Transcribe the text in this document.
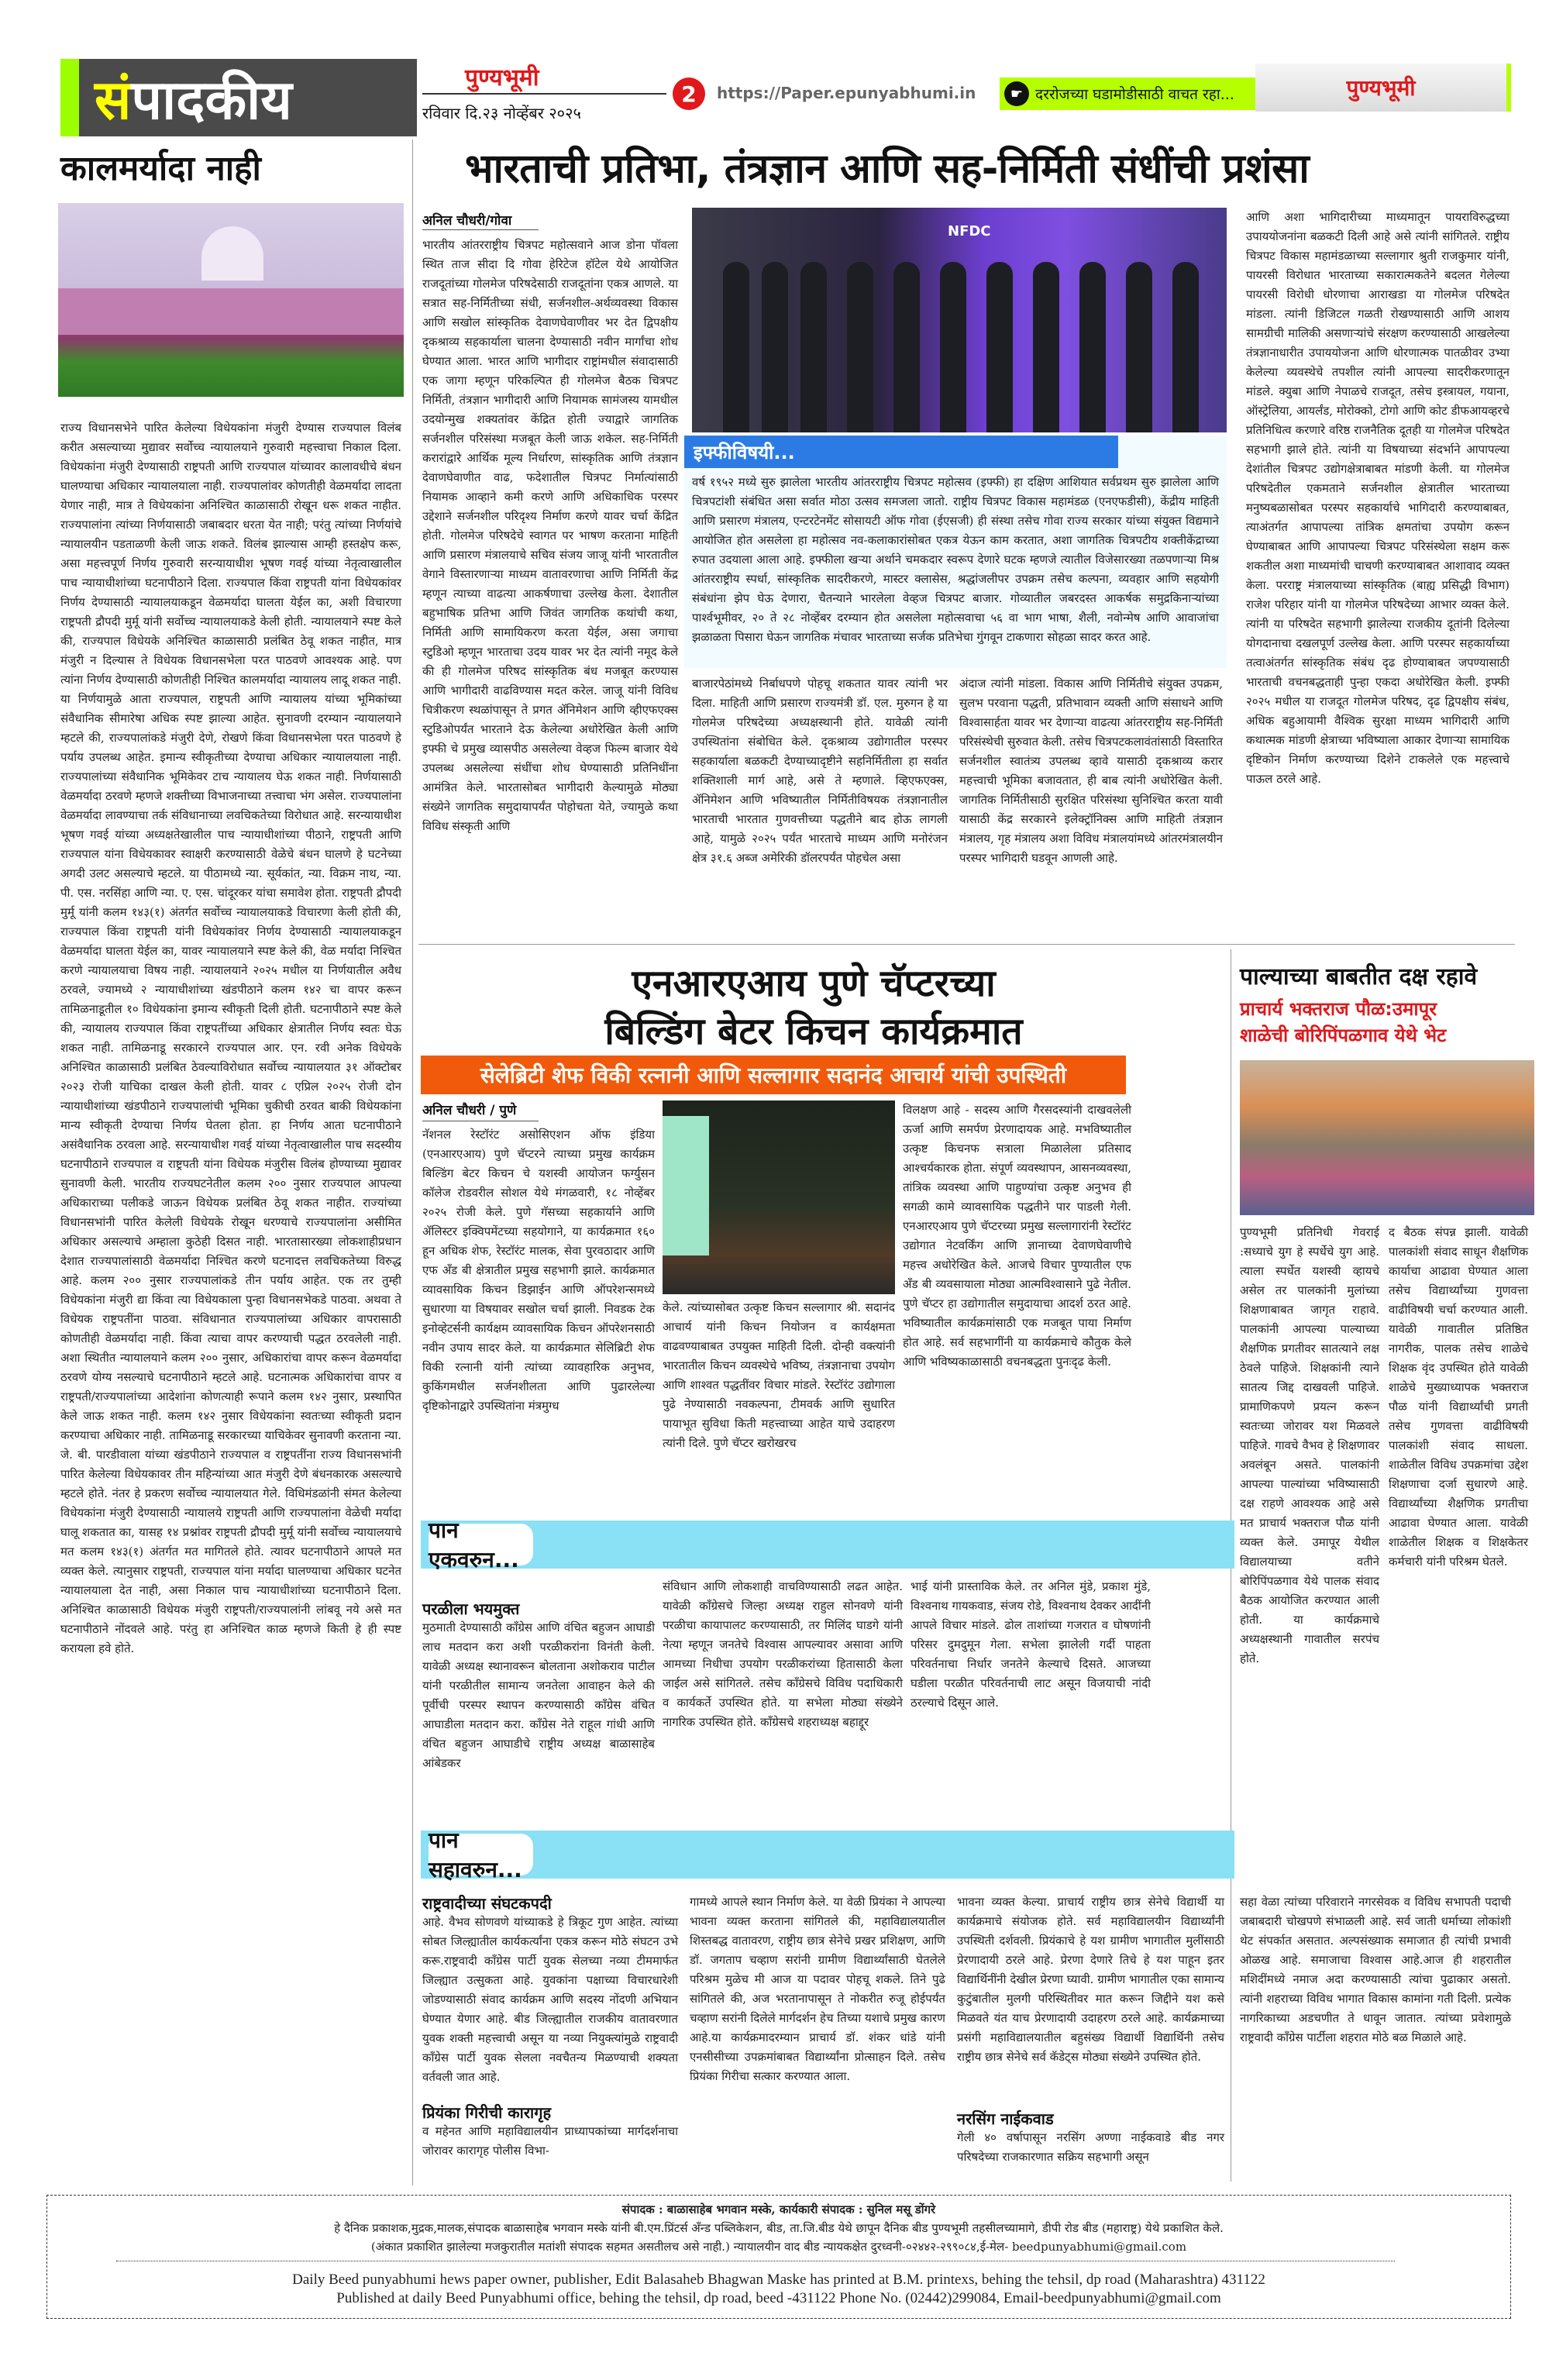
सं पादकीय	पुण्यभूमी
रविवार दि.२३ नोव्हेंबर २०२५
2	https://Paper.epunyabhumi.in	☛ दररोजच्या घडामोडीसाठी वाचत रहा...	पुण्यभूमी
कालमर्यादा नाही	भारताची प्रतिभा, तंत्रज्ञान आणि सह-निर्मिती संधींची प्रशंसा
राज्य विधानसभेने पारित केलेल्या विधेयकांना मंजुरी देण्यास राज्यपाल विलंब करीत असल्याच्या मुद्यावर सर्वोच्च न्यायालयाने गुरुवारी महत्त्वाचा निकाल दिला. विधेयकांना मंजुरी देण्यासाठी राष्ट्रपती आणि राज्यपाल यांच्यावर कालावधीचे बंधन घालण्याचा अधिकार न्यायालयाला नाही. राज्यपालांवर कोणतीही वेळमर्यादा लादता येणार नाही, मात्र ते विधेयकांना अनिश्चित काळासाठी रोखून धरू शकत नाहीत. राज्यपालांना त्यांच्या निर्णयासाठी जबाबदार धरता येत नाही; परंतु त्यांच्या निर्णयांचे न्यायालयीन पडताळणी केली जाऊ शकते. विलंब झाल्यास आम्ही हस्तक्षेप करू, असा महत्त्वपूर्ण निर्णय गुरुवारी सरन्यायाधीश भूषण गवई यांच्या नेतृत्वाखालील पाच न्यायाधीशांच्या घटनापीठाने दिला. राज्यपाल किंवा राष्ट्रपती यांना विधेयकांवर निर्णय देण्यासाठी न्यायालयाकडून वेळमर्यादा घालता येईल का, अशी विचारणा राष्ट्रपती द्रौपदी मुर्मू यांनी सर्वोच्च न्यायालयाकडे केली होती. न्यायालयाने स्पष्ट केले की, राज्यपाल विधेयके अनिश्चित काळासाठी प्रलंबित ठेवू शकत नाहीत, मात्र मंजुरी न दिल्यास ते विधेयक विधानसभेला परत पाठवणे आवश्यक आहे. पण त्यांना निर्णय देण्यासाठी कोणतीही निश्चित कालमर्यादा न्यायालय लादू शकत नाही. या निर्णयामुळे आता राज्यपाल, राष्ट्रपती आणि न्यायालय यांच्या भूमिकांच्या संवैधानिक सीमारेषा अधिक स्पष्ट झाल्या आहेत. सुनावणी दरम्यान न्यायालयाने म्हटले की, राज्यपालांकडे मंजुरी देणे, रोखणे किंवा विधानसभेला परत पाठवणे हे पर्याय उपलब्ध आहेत. इमान्य स्वीकृतीच्या देण्याचा अधिकार न्यायालयाला नाही. राज्यपालांच्या संवैधानिक भूमिकेवर टाच न्यायालय घेऊ शकत नाही. निर्णयासाठी वेळमर्यादा ठरवणे म्हणजे शक्तीच्या विभाजनाच्या तत्त्वाचा भंग असेल. राज्यपालांना वेळमर्यादा लावण्याचा तर्क संविधानाच्या लवचिकतेच्या विरोधात आहे. सरन्यायाधीश भूषण गवई यांच्या अध्यक्षतेखालील पाच न्यायाधीशांच्या पीठाने, राष्ट्रपती आणि राज्यपाल यांना विधेयकावर स्वाक्षरी करण्यासाठी वेळेचे बंधन घालणे हे घटनेच्या अगदी उलट असल्याचे म्हटले. या पीठामध्ये न्या. सूर्यकांत, न्या. विक्रम नाथ, न्या. पी. एस. नरसिंहा आणि न्या. ए. एस. चांदूरकर यांचा समावेश होता. राष्ट्रपती द्रौपदी मुर्मू यांनी कलम १४३(१) अंतर्गत सर्वोच्च न्यायालयाकडे विचारणा केली होती की, राज्यपाल किंवा राष्ट्रपती यांनी विधेयकांवर निर्णय देण्यासाठी न्यायालयाकडून वेळमर्यादा घालता येईल का, यावर न्यायालयाने स्पष्ट केले की, वेळ मर्यादा निश्चित करणे न्यायालयाचा विषय नाही. न्यायालयाने २०२५ मधील या निर्णयातील अवैध ठरवले, ज्यामध्ये २ न्यायाधीशांच्या खंडपीठाने कलम १४२ चा वापर करून तामिळनाडूतील १० विधेयकांना इमान्य स्वीकृती दिली होती. घटनापीठाने स्पष्ट केले की, न्यायालय राज्यपाल किंवा राष्ट्रपतींच्या अधिकार क्षेत्रातील निर्णय स्वतः घेऊ शकत नाही. तामिळनाडू सरकारने राज्यपाल आर. एन. रवी अनेक विधेयके अनिश्चित काळासाठी प्रलंबित ठेवल्याविरोधात सर्वोच्च न्यायालयात ३१ ऑक्टोबर २०२३ रोजी याचिका दाखल केली होती. यावर ८ एप्रिल २०२५ रोजी दोन न्यायाधीशांच्या खंडपीठाने राज्यपालांची भूमिका चुकीची ठरवत बाकी विधेयकांना मान्य स्वीकृती देण्याचा निर्णय घेतला होता. हा निर्णय आता घटनापीठाने असंवैधानिक ठरवला आहे. सरन्यायाधीश गवई यांच्या नेतृत्वाखालील पाच सदस्यीय घटनापीठाने राज्यपाल व राष्ट्रपती यांना विधेयक मंजुरीस विलंब होण्याच्या मुद्यावर सुनावणी केली. भारतीय राज्यघटनेतील कलम २०० नुसार राज्यपाल आपल्या अधिकाराच्या पलीकडे जाऊन विधेयक प्रलंबित ठेवू शकत नाहीत. राज्यांच्या विधानसभांनी पारित केलेली विधेयके रोखून धरण्याचे राज्यपालांना असीमित अधिकार असल्याचे अम्हाला कुठेही दिसत नाही. भारतासारख्या लोकशाहीप्रधान देशात राज्यपालांसाठी वेळमर्यादा निश्चित करणे घटनादत्त लवचिकतेच्या विरुद्ध आहे. कलम २०० नुसार राज्यपालांकडे तीन पर्याय आहेत. एक तर तुम्ही विधेयकांना मंजुरी द्या किंवा त्या विधेयकाला पुन्हा विधानसभेकडे पाठवा. अथवा ते विधेयक राष्ट्रपतींना पाठवा. संविधानात राज्यपालांच्या अधिकार वापरासाठी कोणतीही वेळमर्यादा नाही. किंवा त्याचा वापर करण्याची पद्धत ठरवलेली नाही. अशा स्थितीत न्यायालयाने कलम २०० नुसार, अधिकारांचा वापर करून वेळमर्यादा ठरवणे योग्य नसल्याचे घटनापीठाने म्हटले आहे. घटनात्मक अधिकारांचा वापर व राष्ट्रपती/राज्यपालांच्या आदेशांना कोणत्याही रूपाने कलम १४२ नुसार, प्रस्थापित केले जाऊ शकत नाही. कलम १४२ नुसार विधेयकांना स्वतःच्या स्वीकृती प्रदान करण्याचा अधिकार नाही. तामिळनाडू सरकारच्या याचिकेवर सुनावणी करताना न्या. जे. बी. पारडीवाला यांच्या खंडपीठाने राज्यपाल व राष्ट्रपतींना राज्य विधानसभांनी पारित केलेल्या विधेयकावर तीन महिन्यांच्या आत मंजुरी देणे बंधनकारक असल्याचे म्हटले होते. नंतर हे प्रकरण सर्वोच्च न्यायालयात गेले. विधिमंडळांनी संमत केलेल्या विधेयकांना मंजुरी देण्यासाठी न्यायालये राष्ट्रपती आणि राज्यपालांना वेळेची मर्यादा घालू शकतात का, यासह १४ प्रश्नांवर राष्ट्रपती द्रौपदी मुर्मू यांनी सर्वोच्च न्यायालयाचे मत कलम १४३(१) अंतर्गत मत मागितले होते. त्यावर घटनापीठाने आपले मत व्यक्त केले. त्यानुसार राष्ट्रपती, राज्यपाल यांना मर्यादा घालण्याचा अधिकार घटनेत न्यायालयाला देत नाही, असा निकाल पाच न्यायाधीशांच्या घटनापीठाने दिला. अनिश्चित काळासाठी विधेयक मंजुरी राष्ट्रपती/राज्यपालांनी लांबवू नये असे मत घटनापीठाने नोंदवले आहे. परंतु हा अनिश्चित काळ म्हणजे किती हे ही स्पष्ट करायला हवे होते.
अनिल चौधरी/गोवा
भारतीय आंतरराष्ट्रीय चित्रपट महोत्सवाने आज डोना पॉवला स्थित ताज सीदा दि गोवा हेरिटेज हॉटेल येथे आयोजित राजदूतांच्या गोलमेज परिषदेसाठी राजदूतांना एकत्र आणले. या सत्रात सह-निर्मितीच्या संधी, सर्जनशील-अर्थव्यवस्था विकास आणि सखोल सांस्कृतिक देवाणघेवाणीवर भर देत द्विपक्षीय दृकश्राव्य सहकार्याला चालना देण्यासाठी नवीन मार्गांचा शोध घेण्यात आला. भारत आणि भागीदार राष्ट्रांमधील संवादासाठी एक जागा म्हणून परिकल्पित ही गोलमेज बैठक चित्रपट निर्मिती, तंत्रज्ञान भागीदारी आणि नियामक सामंजस्य यामधील उदयोन्मुख शक्यतांवर केंद्रित होती ज्याद्वारे जागतिक सर्जनशील परिसंस्था मजबूत केली जाऊ शकेल. सह-निर्मिती करारांद्वारे आर्थिक मूल्य निर्धारण, सांस्कृतिक आणि तंत्रज्ञान देवाणघेवाणीत वाढ, फदेशातील चित्रपट निर्मात्यांसाठी नियामक आव्हाने कमी करणे आणि अधिकाधिक परस्पर उद्देशाने सर्जनशील परिदृश्य निर्माण करणे यावर चर्चा केंद्रित होती. गोलमेज परिषदेचे स्वागत पर भाषण करताना माहिती आणि प्रसारण मंत्रालयाचे सचिव संजय जाजू यांनी भारतातील वेगाने विस्तारणाऱ्या माध्यम वातावरणाचा आणि निर्मिती केंद्र म्हणून त्याच्या वाढत्या आकर्षणाचा उल्लेख केला. देशातील बहुभाषिक प्रतिभा आणि जिवंत जागतिक कथांची कथा, निर्मिती आणि सामायिकरण करता येईल, असा जगाचा स्टुडिओ म्हणून भारताचा उदय यावर भर देत त्यांनी नमूद केले की ही गोलमेज परिषद सांस्कृतिक बंध मजबूत करण्यास आणि भागीदारी वाढविण्यास मदत करेल. जाजू यांनी विविध चित्रीकरण स्थळांपासून ते प्रगत ॲनिमेशन आणि व्हीएफएक्स स्टुडिओपर्यंत भारताने देऊ केलेल्या अधोरेखित केली आणि इफ्फी चे प्रमुख व्यासपीठ असलेल्या वेव्हज फिल्म बाजार येथे उपलब्ध असलेल्या संधींचा शोध घेण्यासाठी प्रतिनिधींना आमंत्रित केले. भारतासोबत भागीदारी केल्यामुळे मोठ्या संख्येने जागतिक समुदायापर्यंत पोहोचता येते, ज्यामुळे कथा विविध संस्कृती आणि
NFDC
इफ्फीविषयी...
वर्ष १९५२ मध्ये सुरु झालेला भारतीय आंतरराष्ट्रीय चित्रपट महोत्सव (इफ्फी) हा दक्षिण आशियात सर्वप्रथम सुरु झालेला आणि चित्रपटांशी संबंधित असा सर्वात मोठा उत्सव समजला जातो. राष्ट्रीय चित्रपट विकास महामंडळ (एनएफडीसी), केंद्रीय माहिती आणि प्रसारण मंत्रालय, एन्टरटेनमेंट सोसायटी ऑफ गोवा (ईएसजी) ही संस्था तसेच गोवा राज्य सरकार यांच्या संयुक्त विद्यमाने आयोजित होत असलेला हा महोत्सव नव-कलाकारांसोबत एकत्र येऊन काम करतात, अशा जागतिक चित्रपटीय शक्तीकेंद्राच्या रुपात उदयाला आला आहे. इफ्फीला खऱ्या अर्थाने चमकदार स्वरूप देणारे घटक म्हणजे त्यातील विजेसारख्या तळपणाऱ्या मिश्र आंतरराष्ट्रीय स्पर्धा, सांस्कृतिक सादरीकरणे, मास्टर क्लासेस, श्रद्धांजलीपर उपक्रम तसेच कल्पना, व्यवहार आणि सहयोगी संबंधांना झेप घेऊ देणारा, चैतन्याने भारलेला वेव्हज चित्रपट बाजार. गोव्यातील जबरदस्त आकर्षक समुद्रकिनाऱ्यांच्या पार्श्वभूमीवर, २० ते २८ नोव्हेंबर दरम्यान होत असलेला महोत्सवाचा ५६ वा भाग भाषा, शैली, नवोन्मेष आणि आवाजांचा झळाळता पिसारा घेऊन जागतिक मंचावर भारताच्या सर्जक प्रतिभेचा गुंगवून टाकणारा सोहळा सादर करत आहे.
बाजारपेठांमध्ये निर्बाधपणे पोहचू शकतात यावर त्यांनी भर दिला. माहिती आणि प्रसारण राज्यमंत्री डॉ. एल. मुरुगन हे या गोलमेज परिषदेच्या अध्यक्षस्थानी होते. यावेळी त्यांनी उपस्थितांना संबोधित केले. दृकश्राव्य उद्योगातील परस्पर सहकार्याला बळकटी देण्याच्यादृष्टीने सहनिर्मितीला हा सर्वात शक्तिशाली मार्ग आहे, असे ते म्हणाले. व्हिएफएक्स, ॲनिमेशन आणि भविष्यातील निर्मितीविषयक तंत्रज्ञानातील भारताची भारतात गुणवत्तीच्या पद्धतीने बाद होऊ लागली आहे, यामुळे २०२५ पर्यंत भारताचे माध्यम आणि मनोरंजन क्षेत्र ३१.६ अब्ज अमेरिकी डॉलरपर्यंत पोहचेल असा
अंदाज त्यांनी मांडला. विकास आणि निर्मितीचे संयुक्त उपक्रम, सुलभ परवाना पद्धती, प्रतिभावान व्यक्ती आणि संसाधने आणि विश्वासार्हता यावर भर देणाऱ्या वाढत्या आंतरराष्ट्रीय सह-निर्मिती परिसंस्थेची सुरुवात केली. तसेच चित्रपटकलावंतांसाठी विस्तारित सर्जनशील स्वातंत्र्य उपलब्ध व्हावे यासाठी दृकश्राव्य करार महत्त्वाची भूमिका बजावतात, ही बाब त्यांनी अधोरेखित केली. जागतिक निर्मितीसाठी सुरक्षित परिसंस्था सुनिश्चित करता यावी यासाठी केंद्र सरकारने इलेक्ट्रॉनिक्स आणि माहिती तंत्रज्ञान मंत्रालय, गृह मंत्रालय अशा विविध मंत्रालयांमध्ये आंतरमंत्रालयीन परस्पर भागिदारी घडवून आणली आहे.
आणि अशा भागिदारीच्या माध्यमातून पायराविरुद्धच्या उपाययोजनांना बळकटी दिली आहे असे त्यांनी सांगितले. राष्ट्रीय चित्रपट विकास महामंडळाच्या सल्लागार श्रुती राजकुमार यांनी, पायरसी विरोधात भारताच्या सकारात्मकतेने बदलत गेलेल्या पायरसी विरोधी धोरणाचा आराखडा या गोलमेज परिषदेत मांडला. त्यांनी डिजिटल गळती रोखण्यासाठी आणि आशय सामग्रीची मालिकी असणाऱ्यांचे संरक्षण करण्यासाठी आखलेल्या तंत्रज्ञानाधारीत उपाययोजना आणि धोरणात्मक पातळीवर उभ्या केलेल्या व्यवस्थेचे तपशील त्यांनी आपल्या सादरीकरणातून मांडले. क्युबा आणि नेपाळचे राजदूत, तसेच इस्त्रायल, गयाना, ऑस्ट्रेलिया, आयर्लंड, मोरोक्को, टोगो आणि कोट डीफआयव्हरचे प्रतिनिधित्व करणारे वरिष्ठ राजनैतिक दूतही या गोलमेज परिषदेत सहभागी झाले होते. त्यांनी या विषयाच्या संदर्भाने आपापल्या देशांतील चित्रपट उद्योगक्षेत्राबाबत मांडणी केली. या गोलमेज परिषदेतील एकमताने सर्जनशील क्षेत्रातील भारताच्या मनुष्यबळासोबत परस्पर सहकार्याचे भागिदारी करण्याबाबत, त्याअंतर्गत आपापल्या तांत्रिक क्षमतांचा उपयोग करून घेण्याबाबत आणि आपापल्या चित्रपट परिसंस्थेला सक्षम करू शकतील अशा माध्यमांची चाचणी करण्याबाबत आशावाद व्यक्त केला. परराष्ट्र मंत्रालयाच्या सांस्कृतिक (बाह्य प्रसिद्धी विभाग) राजेश परिहार यांनी या गोलमेज परिषदेच्या आभार व्यक्त केले. त्यांनी या परिषदेत सहभागी झालेल्या राजकीय दूतांनी दिलेल्या योगदानाचा दखलपूर्ण उल्लेख केला. आणि परस्पर सहकार्याच्या तत्वाअंतर्गत सांस्कृतिक संबंध दृढ होण्याबाबत जपण्यासाठी भारताची वचनबद्धताही पुन्हा एकदा अधोरेखित केली. इफ्फी २०२५ मधील या राजदूत गोलमेज परिषद, दृढ द्विपक्षीय संबंध, अधिक बहुआयामी वैश्विक सुरक्षा माध्यम भागिदारी आणि कथात्मक मांडणी क्षेत्राच्या भविष्याला आकार देणाऱ्या सामायिक दृष्टिकोन निर्माण करण्याच्या दिशेने टाकलेले एक महत्त्वाचे पाऊल ठरले आहे.
एनआरएआय पुणे चॅप्टरच्या
बिल्डिंग बेटर किचन कार्यक्रमात
सेलेब्रिटी शेफ विकी रत्नानी आणि सल्लागार सदानंद आचार्य यांची उपस्थिती
अनिल चौधरी / पुणे
नॅशनल रेस्टॉरंट असोसिएशन ऑफ इंडिया (एनआरएआय) पुणे चॅप्टरने त्याच्या प्रमुख कार्यक्रम बिल्डिंग बेटर किचन चे यशस्वी आयोजन फर्ग्युसन कॉलेज रोडवरील सोशल येथे मंगळवारी, १८ नोव्हेंबर २०२५ रोजी केले. पुणे गॅसच्या सहकार्याने आणि ॲलिस्टर इक्विपमेंटच्या सहयोगाने, या कार्यक्रमात १६० हून अधिक शेफ, रेस्टॉरंट मालक, सेवा पुरवठादार आणि एफ अँड बी क्षेत्रातील प्रमुख सहभागी झाले. कार्यक्रमात व्यावसायिक किचन डिझाईन आणि ऑपरेशन्समध्ये सुधारणा या विषयावर सखोल चर्चा झाली. निवडक टेक इनोव्हेटर्सनी कार्यक्षम व्यावसायिक किचन ऑपरेशनसाठी नवीन उपाय सादर केले. या कार्यक्रमात सेलिब्रिटी शेफ विकी रत्नानी यांनी त्यांच्या व्यावहारिक अनुभव, कुकिंगमधील सर्जनशीलता आणि पुढारलेल्या दृष्टिकोनाद्वारे उपस्थितांना मंत्रमुग्ध
केले. त्यांच्यासोबत उत्कृष्ट किचन सल्लागार श्री. सदानंद आचार्य यांनी किचन नियोजन व कार्यक्षमता वाढवण्याबाबत उपयुक्त माहिती दिली. दोन्ही वक्त्यांनी भारतातील किचन व्यवस्थेचे भविष्य, तंत्रज्ञानाचा उपयोग आणि शाश्वत पद्धतींवर विचार मांडले. रेस्टॉरंट उद्योगाला पुढे नेण्यासाठी नवकल्पना, टीमवर्क आणि सुधारित पायाभूत सुविधा किती महत्त्वाच्या आहेत याचे उदाहरण त्यांनी दिले. पुणे चॅप्टर खरोखरच
विलक्षण आहे - सदस्य आणि गैरसदस्यांनी दाखवलेली ऊर्जा आणि समर्पण प्रेरणादायक आहे. मभविष्यातील उत्कृष्ट किचनफ सत्राला मिळालेला प्रतिसाद आश्चर्यकारक होता. संपूर्ण व्यवस्थापन, आसनव्यवस्था, तांत्रिक व्यवस्था आणि पाहुण्यांचा उत्कृष्ट अनुभव ही सगळी कामे व्यावसायिक पद्धतीने पार पाडली गेली. एनआरएआय पुणे चॅप्टरच्या प्रमुख सल्लागारांनी रेस्टॉरंट उद्योगात नेटवर्किंग आणि ज्ञानाच्या देवाणघेवाणीचे महत्त्व अधोरेखित केले. आजचे विचार पुण्यातील एफ अँड बी व्यवसायाला मोठ्या आत्मविश्वासाने पुढे नेतील. पुणे चॅप्टर हा उद्योगातील समुदायाचा आदर्श ठरत आहे. भविष्यातील कार्यक्रमांसाठी एक मजबूत पाया निर्माण होत आहे. सर्व सहभागींनी या कार्यक्रमाचे कौतुक केले आणि भविष्यकाळासाठी वचनबद्धता पुनःदृढ केली.
पाल्याच्या बाबतीत दक्ष रहावे
प्राचार्य भक्तराज पौळ:उमापूर
शाळेची बोरिपिंपळगाव येथे भेट
पुण्यभूमी प्रतिनिधी गेवराई :सध्याचे युग हे स्पर्धेचे युग आहे. त्याला स्पर्धेत यशस्वी व्हायचे असेल तर पालकांनी मुलांच्या शिक्षणाबाबत जागृत राहावे. पालकांनी आपल्या पाल्याच्या शैक्षणिक प्रगतीवर सातत्याने लक्ष ठेवले पाहिजे. शिक्षकांनी त्याने सातत्य जिद्द दाखवली पाहिजे. प्रामाणिकपणे प्रयत्न करून स्वतःच्या जोरावर यश मिळवले पाहिजे. गावचे वैभव हे शिक्षणावर अवलंबून असते. पालकांनी आपल्या पाल्यांच्या भविष्यासाठी दक्ष राहणे आवश्यक आहे असे मत प्राचार्य भक्तराज पौळ यांनी व्यक्त केले. उमापूर येथील विद्यालयाच्या वतीने बोरिपिंपळगाव येथे पालक संवाद बैठक आयोजित करण्यात आली होती. या कार्यक्रमाचे अध्यक्षस्थानी गावातील सरपंच होते.
द बैठक संपन्न झाली. यावेळी पालकांशी संवाद साधून शैक्षणिक कार्याचा आढावा घेण्यात आला तसेच विद्यार्थ्यांच्या गुणवत्ता वाढीविषयी चर्चा करण्यात आली. यावेळी गावातील प्रतिष्ठित नागरीक, पालक तसेच शाळेचे शिक्षक वृंद उपस्थित होते यावेळी शाळेचे मुख्याध्यापक भक्तराज पौळ यांनी विद्यार्थ्यांची प्रगती तसेच गुणवत्ता वाढीविषयी पालकांशी संवाद साधला. शाळेतील विविध उपक्रमांचा उद्देश शिक्षणाचा दर्जा सुधारणे आहे. विद्यार्थ्यांच्या शैक्षणिक प्रगतीचा आढावा घेण्यात आला. यावेळी शाळेतील शिक्षक व शिक्षकेतर कर्मचारी यांनी परिश्रम घेतले.
पान एकवरुन...
परळीला भयमुक्त
मुठमाती देण्यासाठी काँग्रेस आणि वंचित बहुजन आघाडी लाच मतदान करा अशी परळीकरांना विनंती केली. यावेळी अध्यक्ष स्थानावरून बोलताना अशोकराव पाटील यांनी परळीतील सामान्य जनतेला आवाहन केले की पूर्वीची परस्पर स्थापन करण्यासाठी काँग्रेस वंचित आघाडीला मतदान करा. काँग्रेस नेते राहूल गांधी आणि वंचित बहुजन आघाडीचे राष्ट्रीय अध्यक्ष बाळासाहेब आंबेडकर
संविधान आणि लोकशाही वाचविण्यासाठी लढत आहेत. यावेळी काँग्रेसचे जिल्हा अध्यक्ष राहुल सोनवणे यांनी परळीचा कायापालट करण्यासाठी, तर मिलिंद घाडगे यांनी नेत्या म्हणून जनतेचे विश्वास आपल्यावर असावा आणि आमच्या निधीचा उपयोग परळीकरांच्या हितासाठी केला जाईल असे सांगितले. तसेच काँग्रेसचे विविध पदाधिकारी व कार्यकर्ते उपस्थित होते. या सभेला मोठ्या संख्येने नागरिक उपस्थित होते. काँग्रेसचे शहराध्यक्ष बहाद्दूर
भाई यांनी प्रास्ताविक केले. तर अनिल मुंडे, प्रकाश मुंडे, विश्वनाथ गायकवाड, संजय रोडे, विश्वनाथ देवकर आदींनी आपले विचार मांडले. ढोल ताशांच्या गजरात व घोषणांनी परिसर दुमदुमून गेला. सभेला झालेली गर्दी पाहता परिवर्तनाचा निर्धार जनतेने केल्याचे दिसते. आजच्या घडीला परळीत परिवर्तनाची लाट असून विजयाची नांदी ठरल्याचे दिसून आले.
पान सहावरुन...
राष्ट्रवादीच्या संघटकपदी
आहे. वैभव सोणवणे यांच्याकडे हे त्रिकूट गुण आहेत. त्यांच्या सोबत जिल्ह्यातील कार्यकर्त्यांना एकत्र करून मोठे संघटन उभे करू.राष्ट्रवादी कॉंग्रेस पार्टी युवक सेलच्या नव्या टीममार्फत जिल्ह्यात उत्सुकता आहे. युवकांना पक्षाच्या विचारधारेशी जोडण्यासाठी संवाद कार्यक्रम आणि सदस्य नोंदणी अभियान घेण्यात येणार आहे. बीड जिल्ह्यातील राजकीय वातावरणात युवक शक्ती महत्त्वाची असून या नव्या नियुक्त्यांमुळे राष्ट्रवादी कॉंग्रेस पार्टी युवक सेलला नवचैतन्य मिळण्याची शक्यता वर्तवली जात आहे.
प्रियंका गिरीची कारागृह
व महेनत आणि महाविद्यालयीन प्राध्यापकांच्या मार्गदर्शनाचा जोरावर कारागृह पोलीस विभा-
गामध्ये आपले स्थान निर्माण केले. या वेळी प्रियंका ने आपल्या भावना व्यक्त करताना सांगितले की, महाविद्यालयातील शिस्तबद्ध वातावरण, राष्ट्रीय छात्र सेनेचे प्रखर प्रशिक्षण, आणि डॉ. जगताप चव्हाण सरांनी ग्रामीण विद्यार्थ्यांसाठी घेतलेले परिश्रम मुळेच मी आज या पदावर पोहचू शकले. तिने पुढे सांगितले की, अज भरतानापासून ते नोकरीत रुजू होईपर्यंत चव्हाण सरांनी दिलेले मार्गदर्शन हेच तिच्या यशाचे प्रमुख कारण आहे.या कार्यक्रमादरम्यान प्राचार्य डॉ. शंकर धांडे यांनी एनसीसीच्या उपक्रमांबाबत विद्यार्थ्यांना प्रोत्साहन दिले. तसेच प्रियंका गिरीचा सत्कार करण्यात आला.
भावना व्यक्त केल्या. प्राचार्य राष्ट्रीय छात्र सेनेचे विद्यार्थी या कार्यक्रमाचे संयोजक होते. सर्व महाविद्यालयीन विद्यार्थ्यांनी उपस्थिती दर्शवली. प्रियंकाचे हे यश ग्रामीण भागातील मुलींसाठी प्रेरणादायी ठरले आहे. प्रेरणा देणारे तिचे हे यश पाहून इतर विद्यार्थिनींनी देखील प्रेरणा घ्यावी. ग्रामीण भागातील एका सामान्य कुटुंबातील मुलगी परिस्थितीवर मात करून जिद्दीने यश कसे मिळवते यंत याच प्रेरणादायी उदाहरण ठरले आहे. कार्यक्रमाच्या प्रसंगी महाविद्यालयातील बहुसंख्य विद्यार्थी विद्यार्थिनी तसेच राष्ट्रीय छात्र सेनेचे सर्व कॅडेट्स मोठ्या संख्येने उपस्थित होते.
नरसिंग नाईकवाड
गेली ४० वर्षापासून नरसिंग अण्णा नाईकवाडे बीड नगर परिषदेच्या राजकारणात सक्रिय सहभागी असून
सहा वेळा त्यांच्या परिवाराने नगरसेवक व विविध सभापती पदाची जबाबदारी चोखपणे संभाळली आहे. सर्व जाती धर्माच्या लोकांशी थेट संपर्कात असतात. अल्पसंख्याक समाजात ही त्यांची प्रभावी ओळख आहे. समाजाचा विश्वास आहे.आज ही शहरातील मशिदींमध्ये नमाज अदा करण्यासाठी त्यांचा पुढाकार असतो. त्यांनी शहराच्या विविध भागात विकास कामांना गती दिली. प्रत्येक नागरिकाच्या अडचणीत ते धावून जातात. त्यांच्या प्रवेशामुळे राष्ट्रवादी कॉंग्रेस पार्टीला शहरात मोठे बळ मिळाले आहे.
संपादक : बाळासाहेब भगवान मस्के, कार्यकारी संपादक : सुनिल मसू डोंगरे
हे दैनिक प्रकाशक,मुद्रक,मालक,संपादक बाळासाहेब भगवान मस्के यांनी बी.एम.प्रिंटर्स अँन्ड पब्लिकेशन, बीड, ता.जि.बीड येथे छापून दैनिक बीड पुण्यभूमी तहसीलच्यामागे, डीपी रोड बीड (महाराष्ट्र) येथे प्रकाशित केले.
(अंकात प्रकाशित झालेल्या मजकुरातील मतांशी संपादक सहमत असतीलच असे नाही.) न्यायालयीन वाद बीड न्यायकक्षेत दुरध्वनी-०२४४२-२९९०८४,ई-मेल- beedpunyabhumi@gmail.com
Daily Beed punyabhumi hews paper owner, publisher, Edit Balasaheb Bhagwan Maske has printed at B.M. printexs, behing the tehsil, dp road (Maharashtra) 431122
Published at daily Beed Punyabhumi office, behing the tehsil, dp road, beed -431122 Phone No. (02442)299084, Email-beedpunyabhumi@gmail.com
